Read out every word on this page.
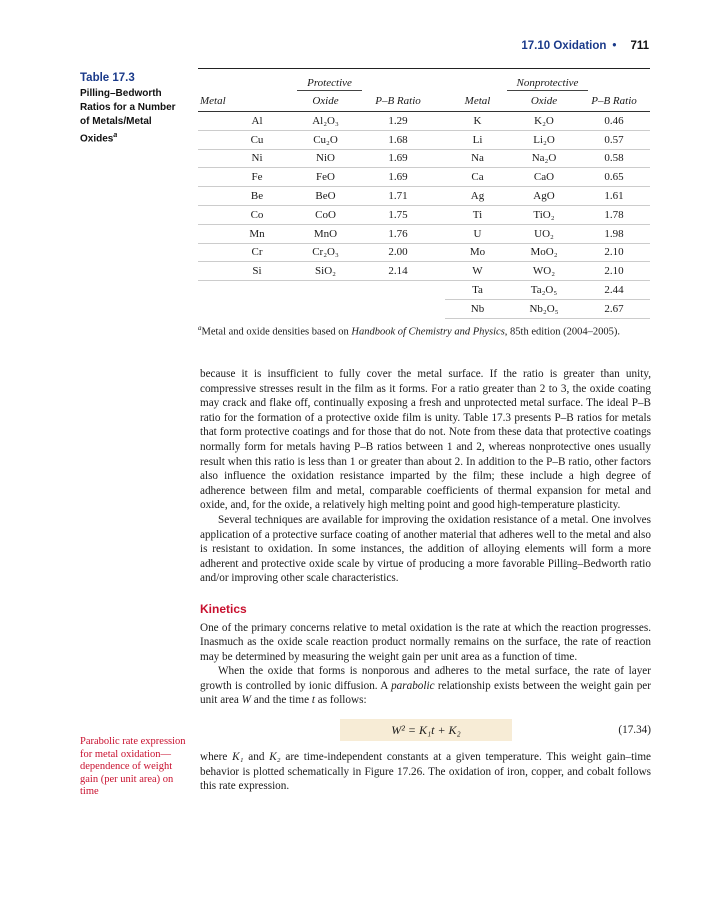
17.10 Oxidation • 711
Table 17.3
Pilling–Bedworth Ratios for a Number of Metals/Metal Oxides$^a$
	Protective				Nonprotective		
Metal		Oxide	P–B Ratio		Metal	Oxide	P–B Ratio
	Al	Al₂O₃	1.29		K	K₂O	0.46
	Cu	Cu₂O	1.68		Li	Li₂O	0.57
	Ni	NiO	1.69		Na	Na₂O	0.58
	Fe	FeO	1.69		Ca	CaO	0.65
	Be	BeO	1.71		Ag	AgO	1.61
	Co	CoO	1.75		Ti	TiO₂	1.78
	Mn	MnO	1.76		U	UO₂	1.98
	Cr	Cr₂O₃	2.00		Mo	MoO₂	2.10
	Si	SiO₂	2.14		W	WO₂	2.10
					Ta	Ta₂O₅	2.44
					Nb	Nb₂O₅	2.67
$^a$Metal and oxide densities based on Handbook of Chemistry and Physics, 85th edition (2004–2005).

because it is insufficient to fully cover the metal surface. If the ratio is greater than unity, compressive stresses result in the film as it forms. For a ratio greater than 2 to 3, the oxide coating may crack and flake off, continually exposing a fresh and unprotected metal surface. The ideal P–B ratio for the formation of a protective oxide film is unity. Table 17.3 presents P–B ratios for metals that form protective coatings and for those that do not. Note from these data that protective coatings normally form for metals having P–B ratios between 1 and 2, whereas nonprotective ones usually result when this ratio is less than 1 or greater than about 2. In addition to the P–B ratio, other factors also influence the oxidation resistance imparted by the film; these include a high degree of adherence between film and metal, comparable coefficients of thermal expansion for metal and oxide, and, for the oxide, a relatively high melting point and good high-temperature plasticity.

Several techniques are available for improving the oxidation resistance of a metal. One involves application of a protective surface coating of another material that adheres well to the metal and also is resistant to oxidation. In some instances, the addition of alloying elements will form a more adherent and protective oxide scale by virtue of producing a more favorable Pilling–Bedworth ratio and/or improving other scale characteristics.

Kinetics

One of the primary concerns relative to metal oxidation is the rate at which the reaction progresses. Inasmuch as the oxide scale reaction product normally remains on the surface, the rate of reaction may be determined by measuring the weight gain per unit area as a function of time.

When the oxide that forms is nonporous and adheres to the metal surface, the rate of layer growth is controlled by ionic diffusion. A parabolic relationship exists between the weight gain per unit area W and the time t as follows:

W² = K₁t + K₂	(17.34)

where K₁ and K₂ are time-independent constants at a given temperature. This weight gain–time behavior is plotted schematically in Figure 17.26. The oxidation of iron, copper, and cobalt follows this rate expression.

Parabolic rate expression for metal oxidation—dependence of weight gain (per unit area) on time
